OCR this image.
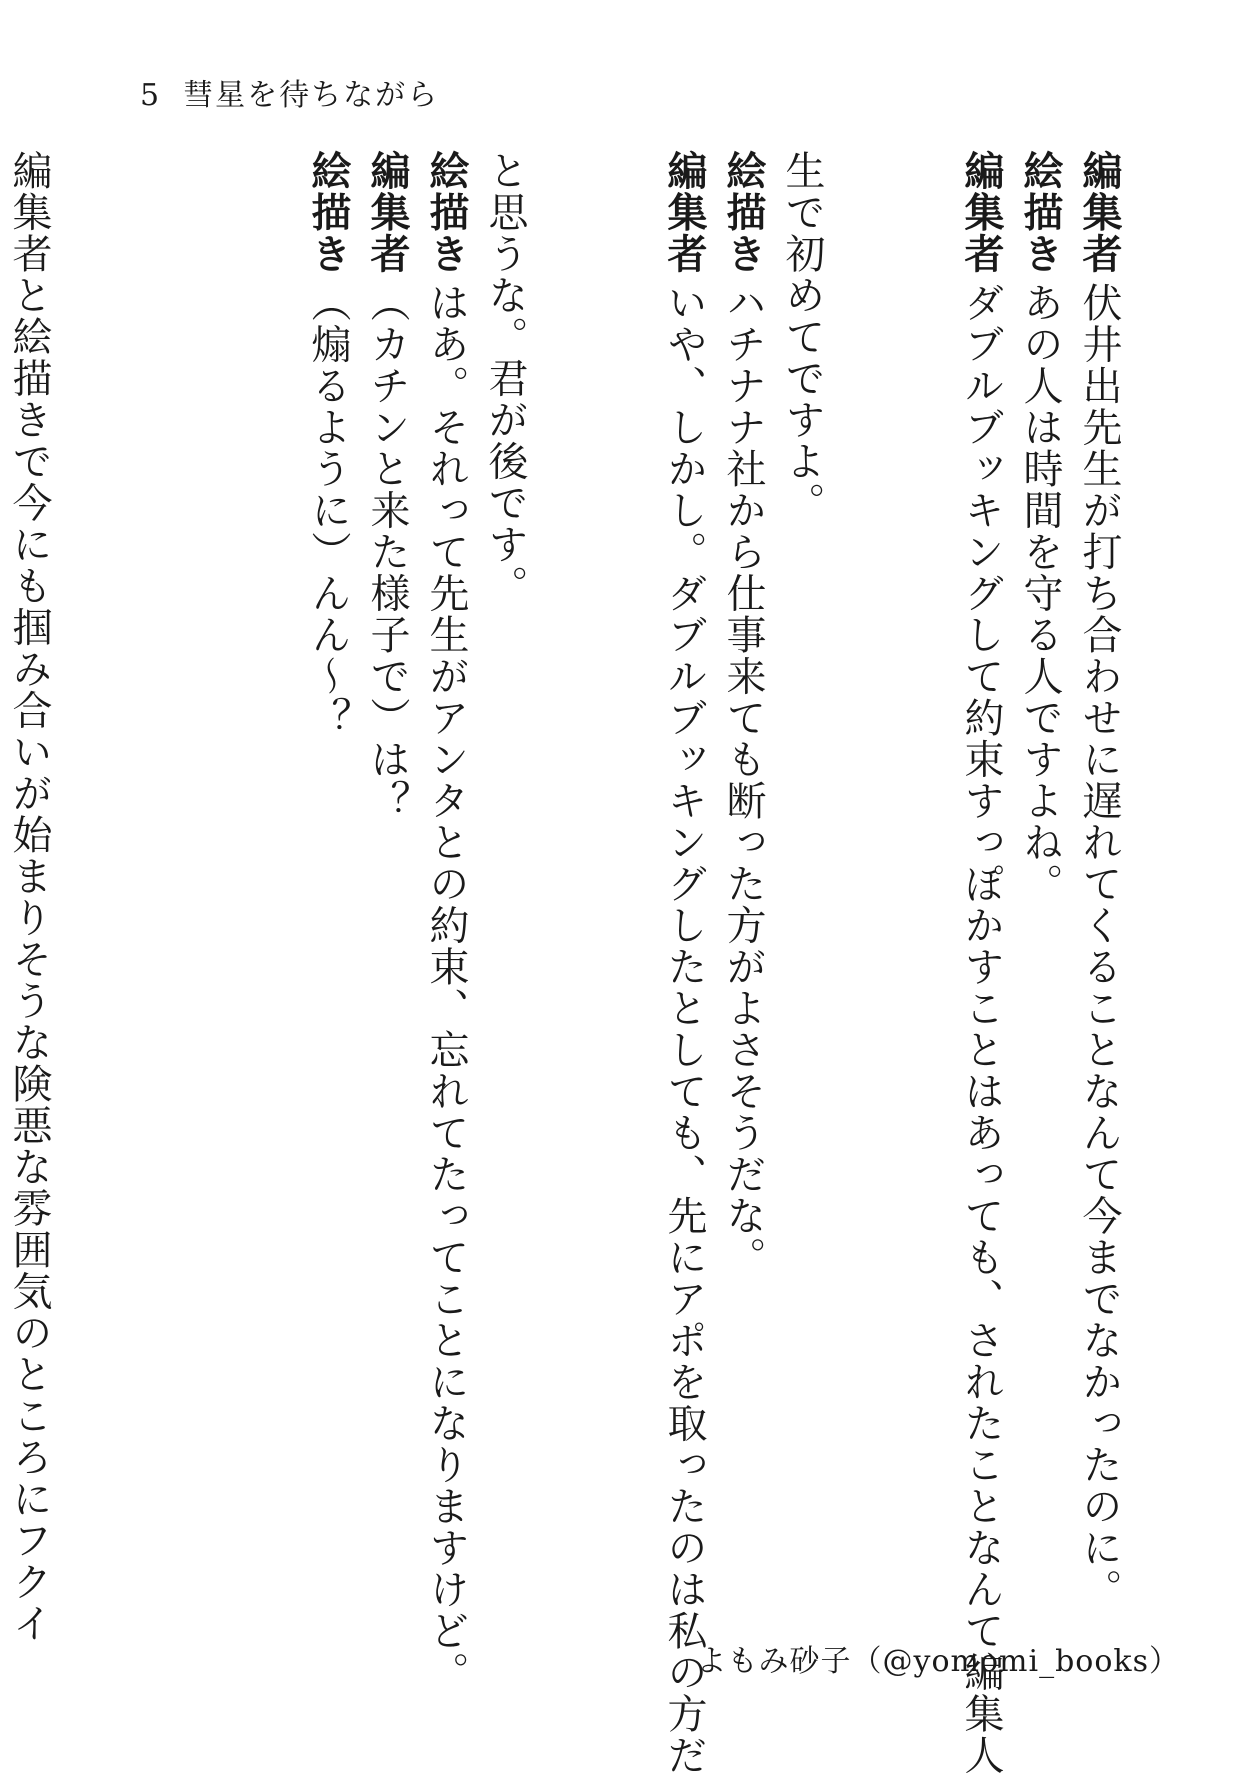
5 彗星を待ちながら
編集者伏井出先生が打ち合わせに遅れてくることなんて今までなかったのに。
絵描きあの人は時間を守る人ですよね。
編集者ダブルブッキングして約束すっぽかすことはあっても、されたことなんて編集人
生で初めてですよ。
絵描きハチナナ社から仕事来ても断った方がよさそうだな。
編集者いや、しかし。ダブルブッキングしたとしても、先にアポを取ったのは私の方だ
と思うな。君が後です。
絵描きはあ。それって先生がアンタとの約束、忘れてたってことになりますけど。
編集者（カチンと来た様子で）は？
絵描き（煽るように）んん〜？
編集者と絵描きで今にも掴み合いが始まりそうな険悪な雰囲気のところにフクイ
よもみ砂子（@yomomi_books）
